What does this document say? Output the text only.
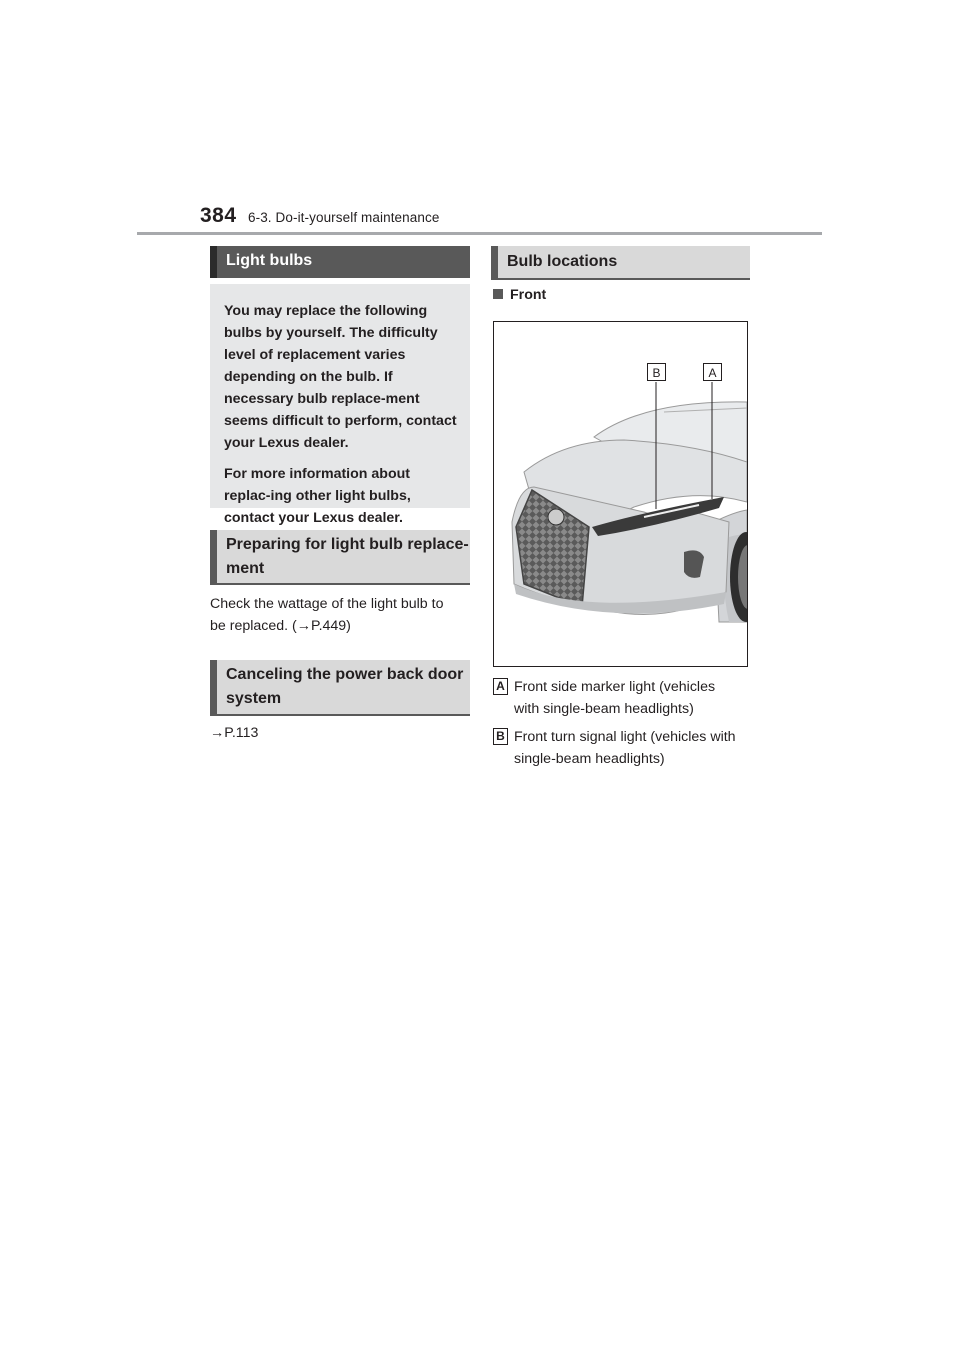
384 6-3. Do-it-yourself maintenance
Light bulbs

You may replace the following bulbs by yourself. The difficulty level of replacement varies depending on the bulb. If necessary bulb replace-ment seems difficult to perform, contact your Lexus dealer.

For more information about replac-ing other light bulbs, contact your Lexus dealer.

Preparing for light bulb replace-
ment
Check the wattage of the light bulb to
be replaced. (→P.449)
Canceling the power back door
system
→P.113
Bulb locations
Front
B	A
A Front side marker light (vehicles
with single-beam headlights)
B Front turn signal light (vehicles with
single-beam headlights)
